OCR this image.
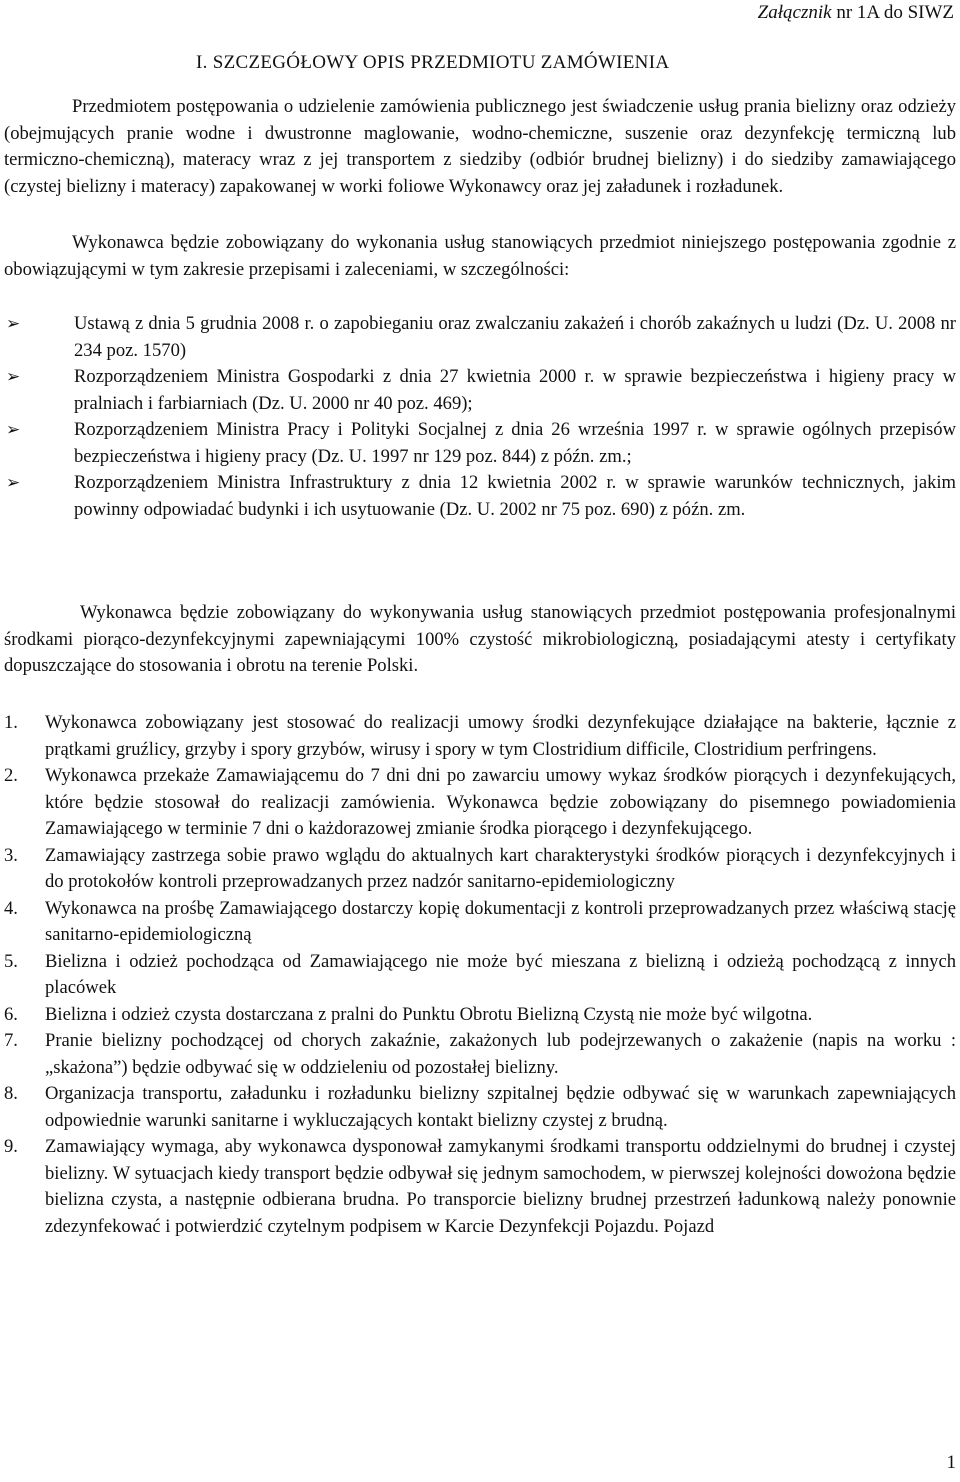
Załącznik nr 1A do SIWZ
I. SZCZEGÓŁOWY OPIS PRZEDMIOTU ZAMÓWIENIA
Przedmiotem postępowania o udzielenie zamówienia publicznego jest świadczenie usług prania bielizny oraz odzieży (obejmujących pranie wodne i dwustronne maglowanie, wodno-chemiczne, suszenie oraz dezynfekcję termiczną lub termiczno-chemiczną), materacy wraz z jej transportem z siedziby (odbiór brudnej bielizny) i do siedziby zamawiającego (czystej bielizny i materacy) zapakowanej w worki foliowe Wykonawcy oraz jej załadunek i rozładunek.
Wykonawca będzie zobowiązany do wykonania usług stanowiących przedmiot niniejszego postępowania zgodnie z obowiązującymi w tym zakresie przepisami i zaleceniami, w szczególności:
➢	Ustawą z dnia 5 grudnia 2008 r. o zapobieganiu oraz zwalczaniu zakażeń i chorób zakaźnych u ludzi (Dz. U. 2008 nr 234 poz. 1570)
➢	Rozporządzeniem Ministra Gospodarki z dnia 27 kwietnia 2000 r. w sprawie bezpieczeństwa i higieny pracy w pralniach i farbiarniach (Dz. U. 2000 nr 40 poz. 469);
➢	Rozporządzeniem Ministra Pracy i Polityki Socjalnej z dnia 26 września 1997 r. w sprawie ogólnych przepisów bezpieczeństwa i higieny pracy (Dz. U. 1997 nr 129 poz. 844) z późn. zm.;
➢	Rozporządzeniem Ministra Infrastruktury z dnia 12 kwietnia 2002 r. w sprawie warunków technicznych, jakim powinny odpowiadać budynki i ich usytuowanie (Dz. U. 2002 nr 75 poz. 690) z późn. zm.
Wykonawca będzie zobowiązany do wykonywania usług stanowiących przedmiot postępowania profesjonalnymi środkami piorąco-dezynfekcyjnymi zapewniającymi 100% czystość mikrobiologiczną, posiadającymi atesty i certyfikaty dopuszczające do stosowania i obrotu na terenie Polski.
1. Wykonawca zobowiązany jest stosować do realizacji umowy środki dezynfekujące działające na bakterie, łącznie z prątkami gruźlicy, grzyby i spory grzybów, wirusy i spory w tym Clostridium difficile, Clostridium perfringens.
2. Wykonawca przekaże Zamawiającemu do 7 dni dni po zawarciu umowy wykaz środków piorących i dezynfekujących, które będzie stosował do realizacji zamówienia. Wykonawca będzie zobowiązany do pisemnego powiadomienia Zamawiającego w terminie 7 dni o każdorazowej zmianie środka piorącego i dezynfekującego.
3. Zamawiający zastrzega sobie prawo wglądu do aktualnych kart charakterystyki środków piorących i dezynfekcyjnych i do protokołów kontroli przeprowadzanych przez nadzór sanitarno-epidemiologiczny
4. Wykonawca na prośbę Zamawiającego dostarczy kopię dokumentacji z kontroli przeprowadzanych przez właściwą stację sanitarno-epidemiologiczną
5. Bielizna i odzież pochodząca od Zamawiającego nie może być mieszana z bielizną i odzieżą pochodzącą z innych placówek
6. Bielizna i odzież czysta dostarczana z pralni do Punktu Obrotu Bielizną Czystą nie może być wilgotna.
7. Pranie bielizny pochodzącej od chorych zakaźnie, zakażonych lub podejrzewanych o zakażenie (napis na worku : „skażona”) będzie odbywać się w oddzieleniu od pozostałej bielizny.
8. Organizacja transportu, załadunku i rozładunku bielizny szpitalnej będzie odbywać się w warunkach zapewniających odpowiednie warunki sanitarne i wykluczających kontakt bielizny czystej z brudną.
9. Zamawiający wymaga, aby wykonawca dysponował zamykanymi środkami transportu oddzielnymi do brudnej i czystej bielizny. W sytuacjach kiedy transport będzie odbywał się jednym samochodem, w pierwszej kolejności dowożona będzie bielizna czysta, a następnie odbierana brudna. Po transporcie bielizny brudnej przestrzeń ładunkową należy ponownie zdezynfekować i potwierdzić czytelnym podpisem w Karcie Dezynfekcji Pojazdu. Pojazd
1
